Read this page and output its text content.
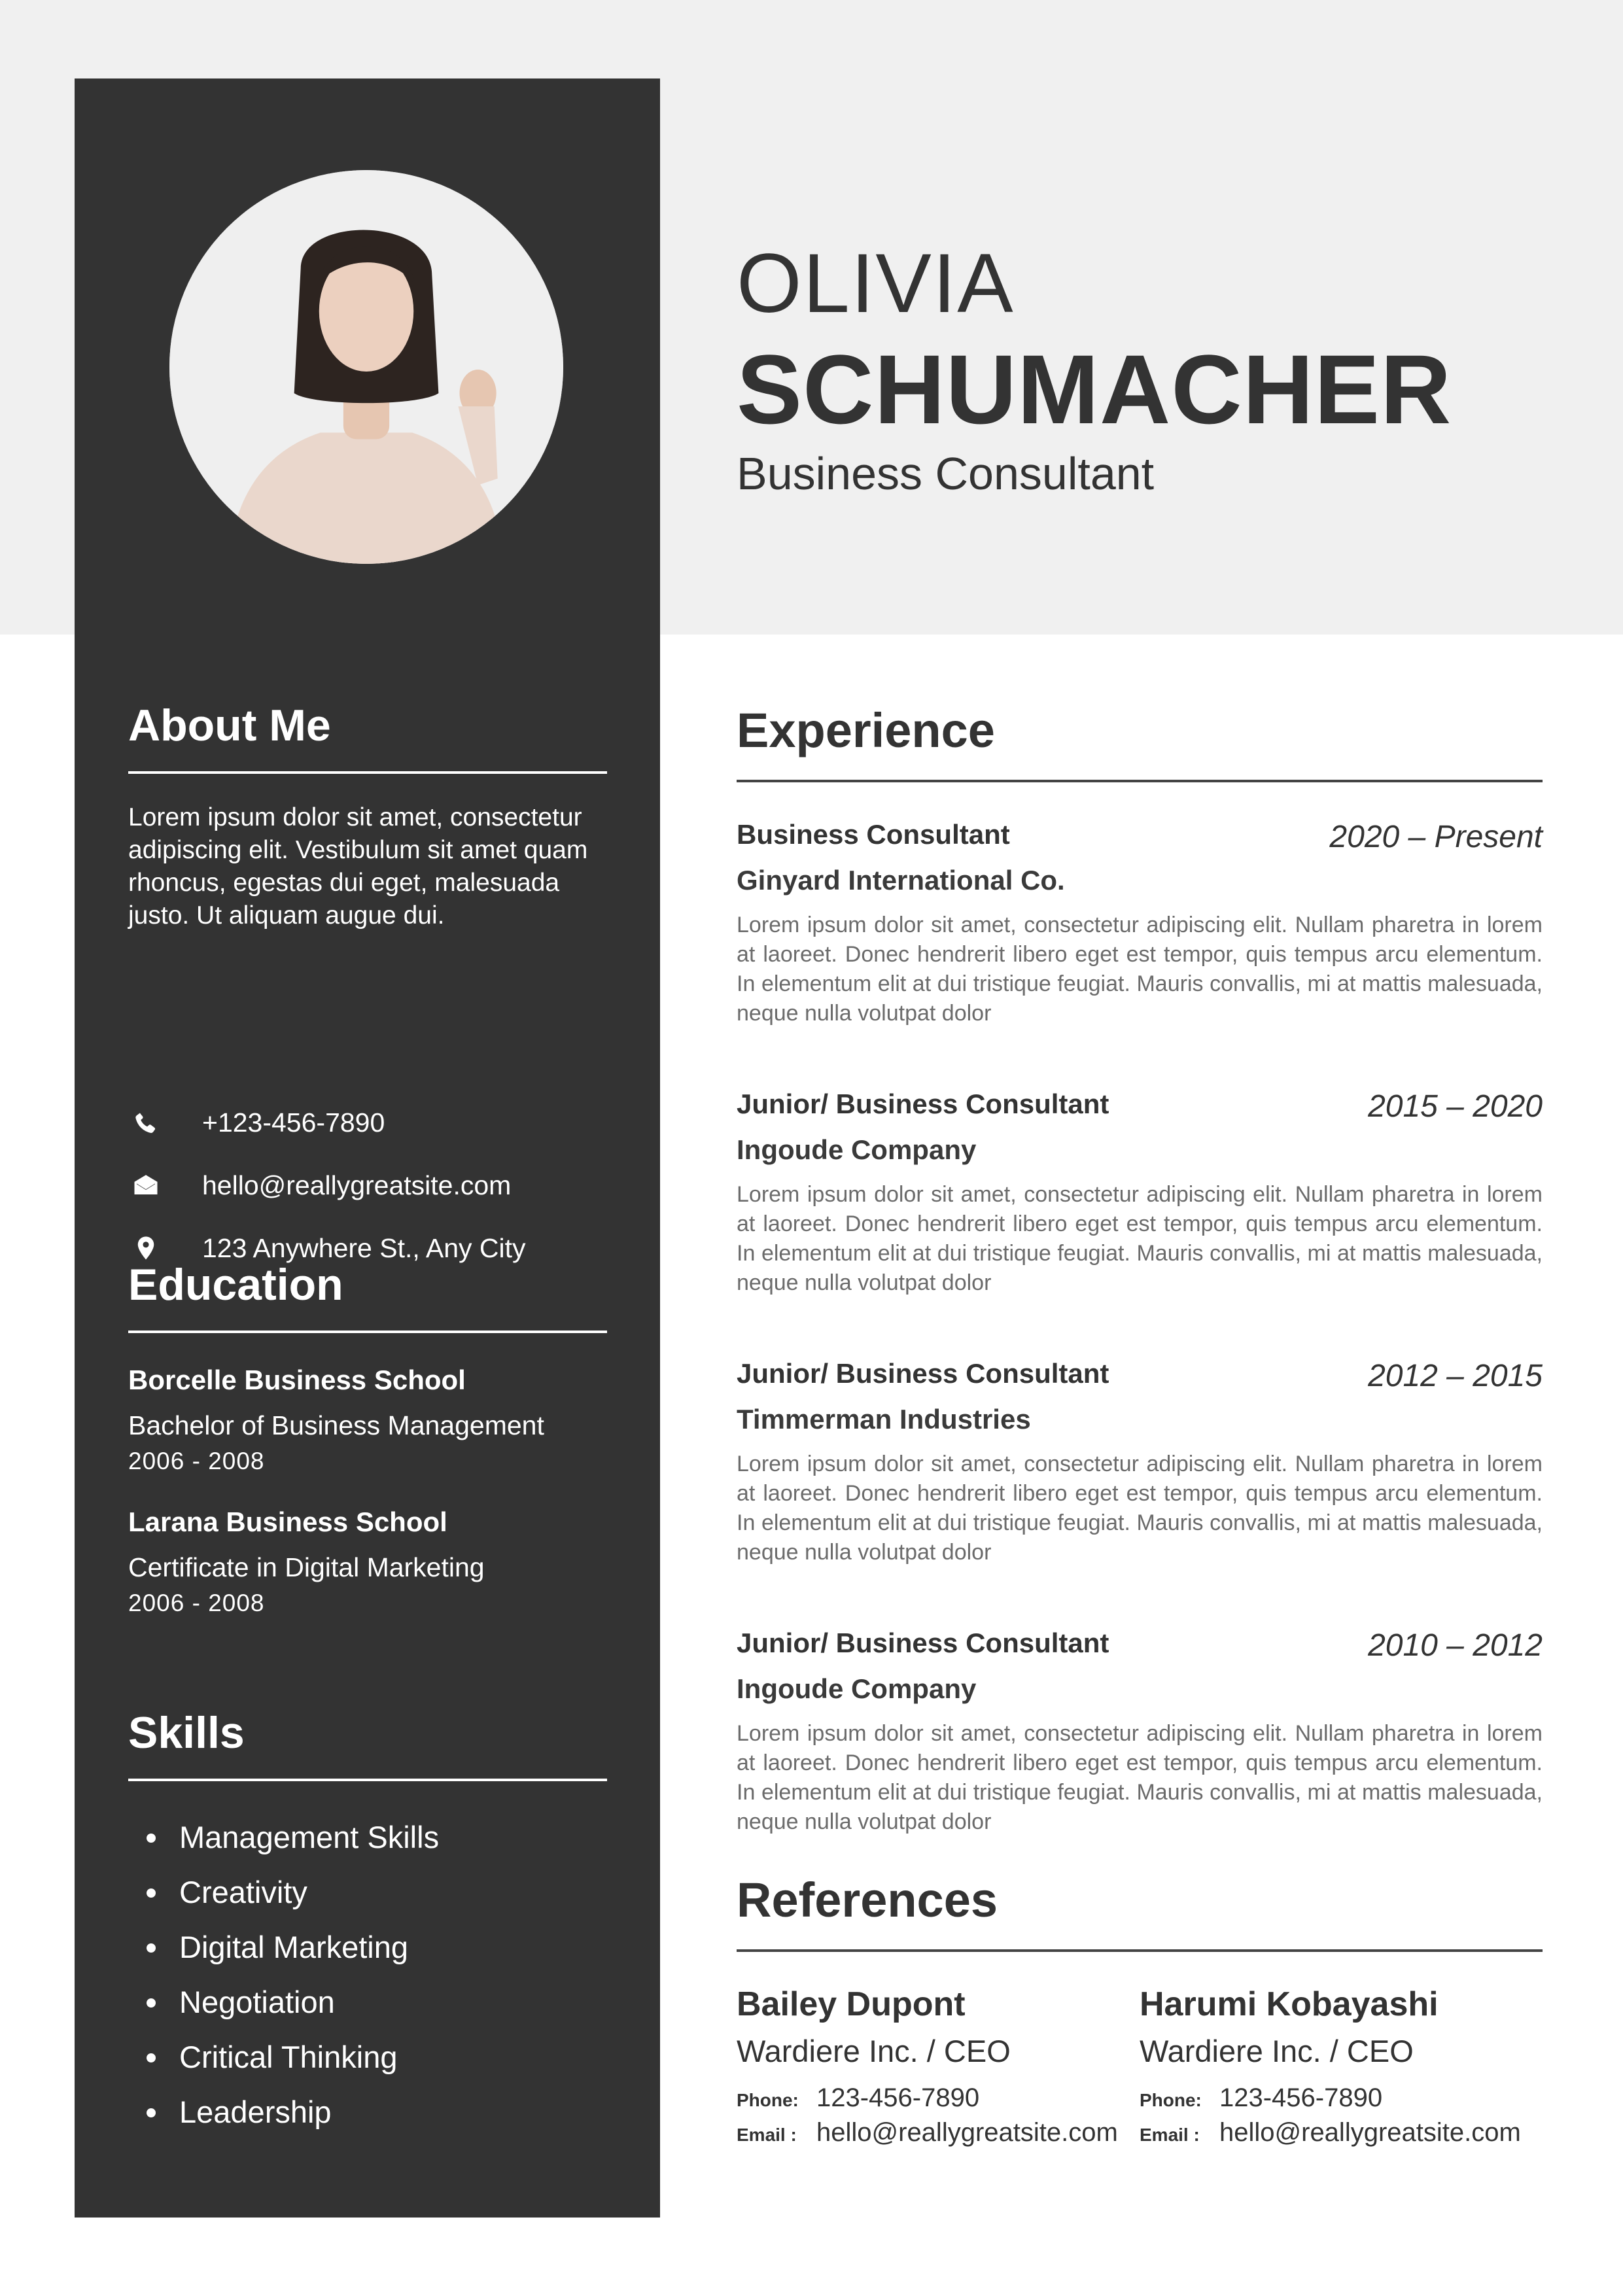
About Me
Lorem ipsum dolor sit amet, consectetur adipiscing elit. Vestibulum sit amet quam rhoncus, egestas dui eget, malesuada justo. Ut aliquam augue dui.
+123-456-7890
hello@reallygreatsite.com
123 Anywhere St., Any City
Education
Borcelle Business School
Bachelor of Business Management
2006 - 2008
Larana Business School
Certificate in Digital Marketing
2006 - 2008
Skills
Management Skills
Creativity
Digital Marketing
Negotiation
Critical Thinking
Leadership
OLIVIA
SCHUMACHER
Business Consultant
Experience
Business Consultant	2020 – Present
Ginyard International Co.
Lorem ipsum dolor sit amet, consectetur adipiscing elit. Nullam pharetra in lorem at laoreet. Donec hendrerit libero eget est tempor, quis tempus arcu elementum. In elementum elit at dui tristique feugiat. Mauris convallis, mi at mattis malesuada, neque nulla volutpat dolor
Junior/ Business Consultant	2015 – 2020
Ingoude Company
Lorem ipsum dolor sit amet, consectetur adipiscing elit. Nullam pharetra in lorem at laoreet. Donec hendrerit libero eget est tempor, quis tempus arcu elementum. In elementum elit at dui tristique feugiat. Mauris convallis, mi at mattis malesuada, neque nulla volutpat dolor
Junior/ Business Consultant	2012 – 2015
Timmerman Industries
Lorem ipsum dolor sit amet, consectetur adipiscing elit. Nullam pharetra in lorem at laoreet. Donec hendrerit libero eget est tempor, quis tempus arcu elementum. In elementum elit at dui tristique feugiat. Mauris convallis, mi at mattis malesuada, neque nulla volutpat dolor
Junior/ Business Consultant	2010 – 2012
Ingoude Company
Lorem ipsum dolor sit amet, consectetur adipiscing elit. Nullam pharetra in lorem at laoreet. Donec hendrerit libero eget est tempor, quis tempus arcu elementum. In elementum elit at dui tristique feugiat. Mauris convallis, mi at mattis malesuada, neque nulla volutpat dolor
References
Bailey Dupont
Wardiere Inc. / CEO
Phone: 123-456-7890
Email : hello@reallygreatsite.com
Harumi Kobayashi
Wardiere Inc. / CEO
Phone: 123-456-7890
Email : hello@reallygreatsite.com
